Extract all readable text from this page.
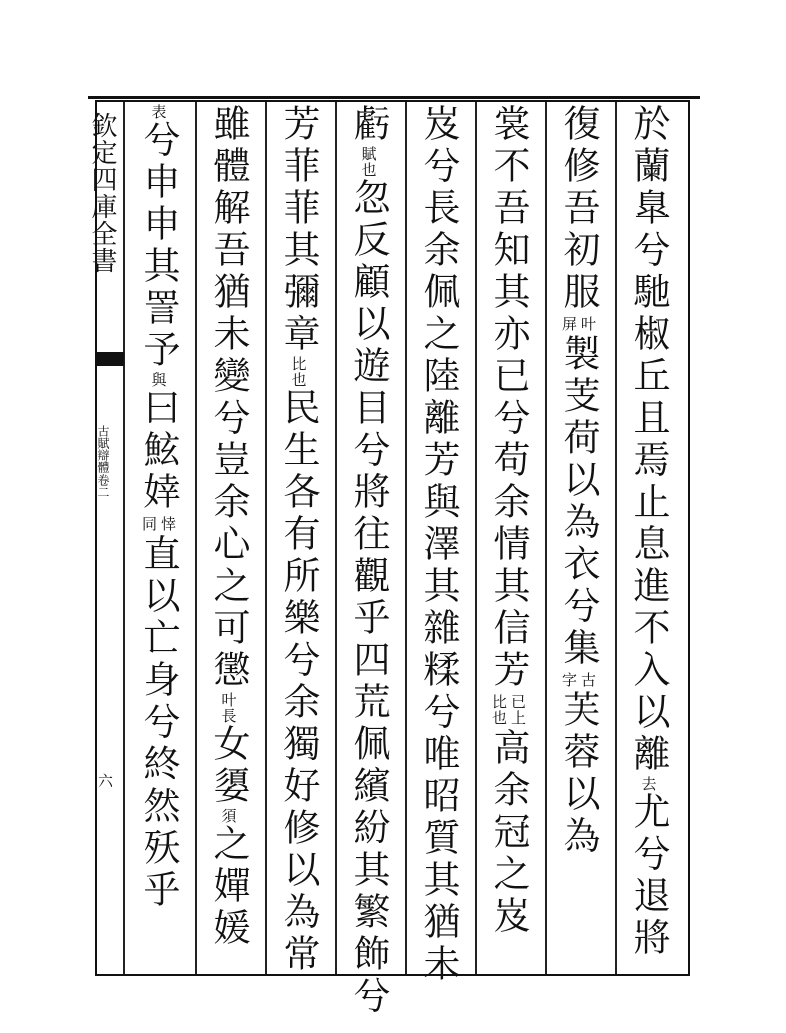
欽定四庫全書
古賦辯體
卷二
六
於蘭臯兮馳椒丘且焉止息進不入以離
去
尤兮退將
復修吾初服
叶
屏
製芰荷以為衣兮集
古
字
芙蓉以為
裳不吾知其亦已兮苟余情其信芳
已上
比也
高余冠之岌
岌兮長余佩之陸離芳與澤其雜糅兮唯昭質其猶未
虧
賦也
忽反顧以遊目兮將往觀乎四荒佩繽紛其繁飾兮
芳菲菲其彌章
比也
民生各有所樂兮余獨好修以為常
雖體解吾猶未變兮豈余心之可懲
叶長
女嬃
須
之嬋媛
表
兮申申其詈予
與
曰鮌婞
悻
同
直以亡身兮終然殀乎
